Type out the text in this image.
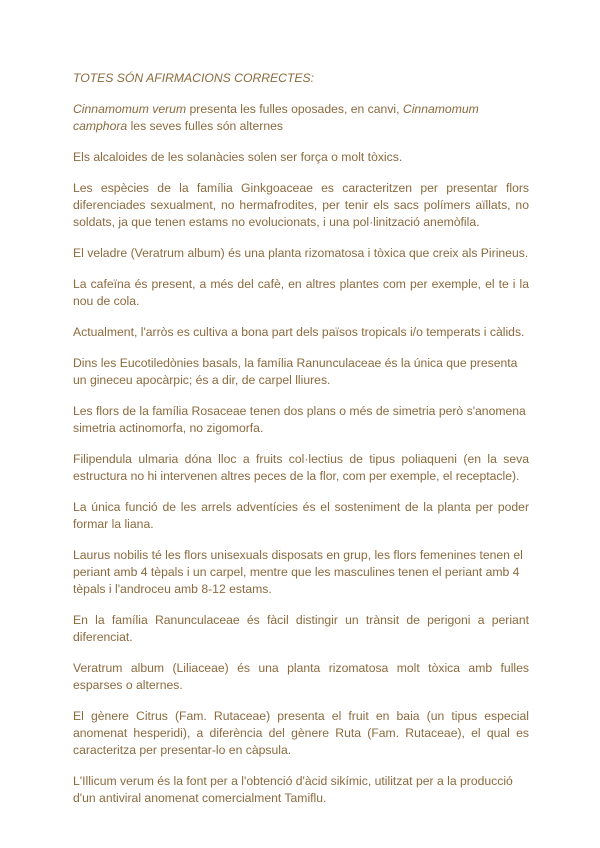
TOTES SÓN AFIRMACIONS CORRECTES:

Cinnamomum verum presenta les fulles oposades, en canvi, Cinnamomum camphora les seves fulles són alternes

Els alcaloides de les solanàcies solen ser força o molt tòxics.

Les espècies de la família Ginkgoaceae es caracteritzen per presentar flors diferenciades sexualment, no hermafrodites, per tenir els sacs polímers aïllats, no soldats, ja que tenen estams no evolucionats, i una pol·linització anemòfila.

El veladre (Veratrum album) és una planta rizomatosa i tòxica que creix als Pirineus.

La cafeïna és present, a més del cafè, en altres plantes com per exemple, el te i la nou de cola.

Actualment, l'arròs es cultiva a bona part dels països tropicals i/o temperats i càlids.

Dins les Eucotiledònies basals, la família Ranunculaceae és la única que presenta un gineceu apocàrpic; és a dir, de carpel lliures.

Les flors de la família Rosaceae tenen dos plans o més de simetria però s'anomena simetria actinomorfa, no zigomorfa.

Filipendula ulmaria dóna lloc a fruits col·lectius de tipus poliaqueni (en la seva estructura no hi intervenen altres peces de la flor, com per exemple, el receptacle).

La única funció de les arrels adventícies és el sosteniment de la planta per poder formar la liana.

Laurus nobilis té les flors unisexuals disposats en grup, les flors femenines tenen el periant amb 4 tèpals i un carpel, mentre que les masculines tenen el periant amb 4 tèpals i l'androceu amb 8-12 estams.

En la família Ranunculaceae és fàcil distingir un trànsit de perigoni a periant diferenciat.

Veratrum album (Liliaceae) és una planta rizomatosa molt tòxica amb fulles esparses o alternes.

El gènere Citrus (Fam. Rutaceae) presenta el fruit en baia (un tipus especial anomenat hesperidi), a diferència del gènere Ruta (Fam. Rutaceae), el qual es caracteritza per presentar-lo en càpsula.

L'Illicum verum és la font per a l'obtenció d'àcid sikímic, utilitzat per a la producció d'un antiviral anomenat comercialment Tamiflu.
